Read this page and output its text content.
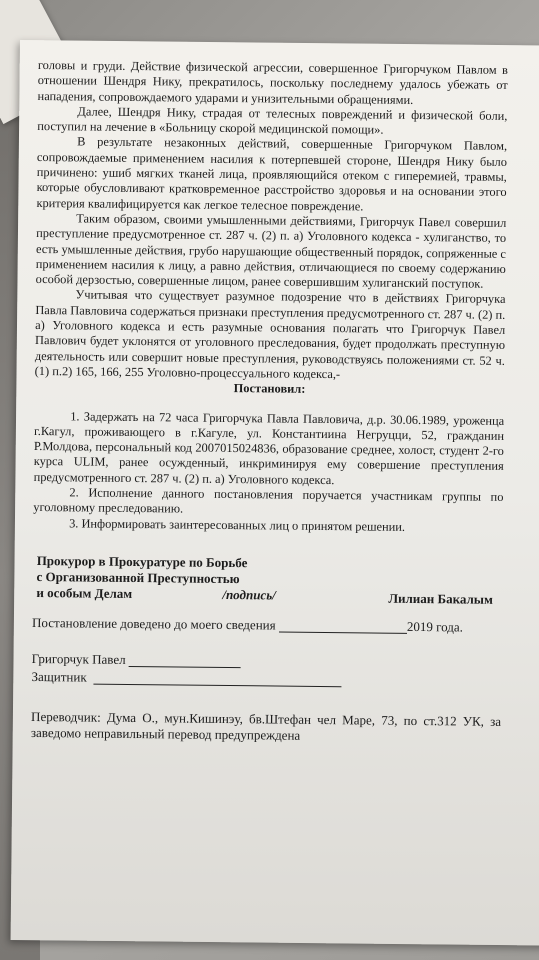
головы и груди. Действие физической агрессии, совершенное Григорчуком Павлом в отношении Шендря Нику, прекратилось, поскольку последнему удалось убежать от нападения, сопровождаемого ударами и унизительными обращениями.

Далее, Шендря Нику, страдая от телесных повреждений и физической боли, поступил на лечение в «Больницу скорой медицинской помощи».

В результате незаконных действий, совершенные Григорчуком Павлом, сопровождаемые применением насилия к потерпевшей стороне, Шендря Нику было причинено: ушиб мягких тканей лица, проявляющийся отеком с гиперемией, травмы, которые обусловливают кратковременное расстройство здоровья и на основании этого критерия квалифицируется как легкое телесное повреждение.

Таким образом, своими умышленными действиями, Григорчук Павел совершил преступление предусмотренное ст. 287 ч. (2) п. а) Уголовного кодекса - хулиганство, то есть умышленные действия, грубо нарушающие общественный порядок, сопряженные с применением насилия к лицу, а равно действия, отличающиеся по своему содержанию особой дерзостью, совершенные лицом, ранее совершившим хулиганский поступок.

Учитывая что существует разумное подозрение что в действиях Григорчука Павла Павловича содержаться признаки преступления предусмотренного ст. 287 ч. (2) п. а) Уголовного кодекса и есть разумные основания полагать что Григорчук Павел Павлович будет уклонятся от уголовного преследования, будет продолжать преступную деятельность или совершит новые преступления, руководствуясь положениями ст. 52 ч. (1) п.2) 165, 166, 255 Уголовно-процессуального кодекса,-

Постановил:

1. Задержать на 72 часа Григорчука Павла Павловича, д.р. 30.06.1989, уроженца г.Кагул, проживающего в г.Кагуле, ул. Константиина Негруцци, 52, гражданин Р.Молдова, персональный код 2007015024836, образование среднее, холост, студент 2-го курса ULIM, ранее осужденный, инкриминируя ему совершение преступления предусмотренного ст. 287 ч. (2) п. а) Уголовного кодекса.

2. Исполнение данного постановления поручается участникам группы по уголовному преследованию.

3. Информировать заинтересованных лиц о принятом решении.

Прокурор в Прокуратуре по Борьбе
с Организованной Преступностью
и особым Делам	/подпись/	Лилиан Бакалым
Постановление доведено до моего сведения	2019 года.
Григорчук Павел
Защитник

Переводчик: Дума О., мун.Кишинэу, бв.Штефан чел Маре, 73, по ст.312 УК, за заведомо неправильный перевод предупреждена
